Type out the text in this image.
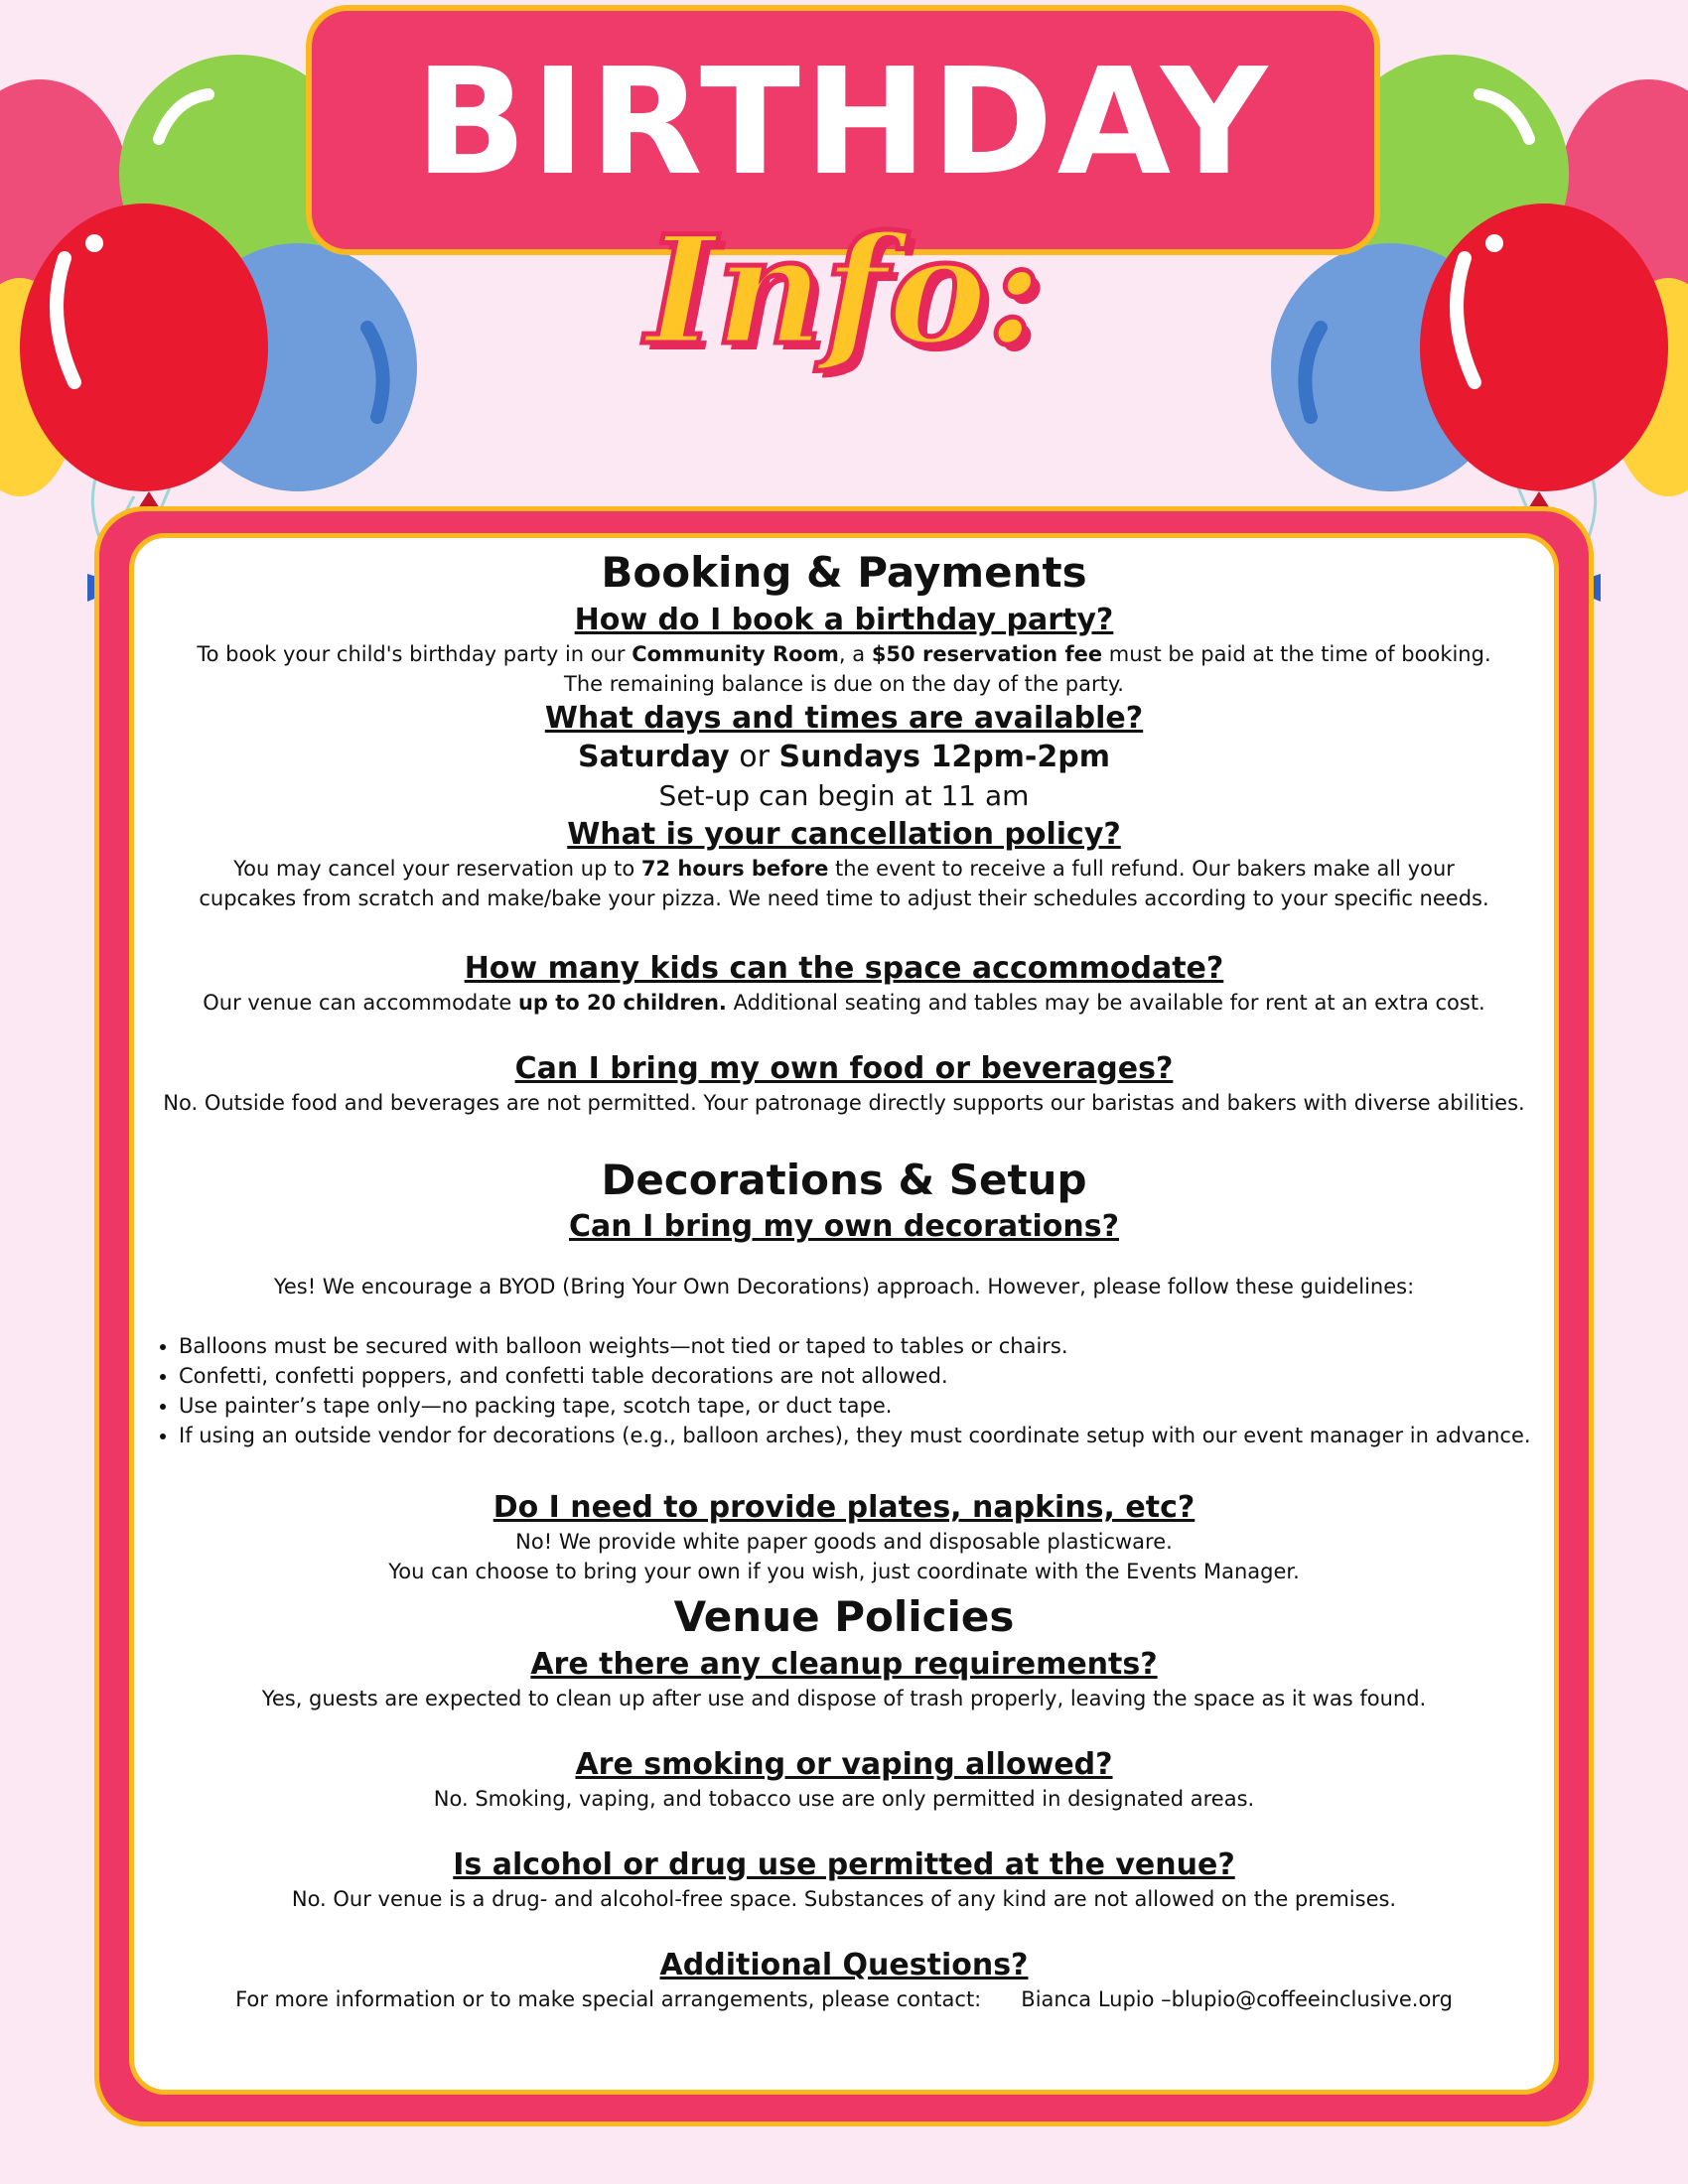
BIRTHDAY
Info:
Booking & Payments
How do I book a birthday party?

To book your child's birthday party in our Community Room, a $50 reservation fee must be paid at the time of booking.

The remaining balance is due on the day of the party.

What days and times are available?

Saturday or Sundays 12pm-2pm

Set-up can begin at 11 am

What is your cancellation policy?

You may cancel your reservation up to 72 hours before the event to receive a full refund. Our bakers make all your

cupcakes from scratch and make/bake your pizza. We need time to adjust their schedules according to your specific needs.

How many kids can the space accommodate?

Our venue can accommodate up to 20 children. Additional seating and tables may be available for rent at an extra cost.

Can I bring my own food or beverages?

No. Outside food and beverages are not permitted. Your patronage directly supports our baristas and bakers with diverse abilities.

Decorations & Setup
Can I bring my own decorations?

Yes! We encourage a BYOD (Bring Your Own Decorations) approach. However, please follow these guidelines:

• Balloons must be secured with balloon weights—not tied or taped to tables or chairs.
• Confetti, confetti poppers, and confetti table decorations are not allowed.
• Use painter’s tape only—no packing tape, scotch tape, or duct tape.
• If using an outside vendor for decorations (e.g., balloon arches), they must coordinate setup with our event manager in advance.
Do I need to provide plates, napkins, etc?

No! We provide white paper goods and disposable plasticware.

You can choose to bring your own if you wish, just coordinate with the Events Manager.

Venue Policies
Are there any cleanup requirements?

Yes, guests are expected to clean up after use and dispose of trash properly, leaving the space as it was found.

Are smoking or vaping allowed?

No. Smoking, vaping, and tobacco use are only permitted in designated areas.

Is alcohol or drug use permitted at the venue?

No. Our venue is a drug- and alcohol-free space. Substances of any kind are not allowed on the premises.

Additional Questions?

For more information or to make special arrangements, please contact:      Bianca Lupio –blupio@coffeeinclusive.org
